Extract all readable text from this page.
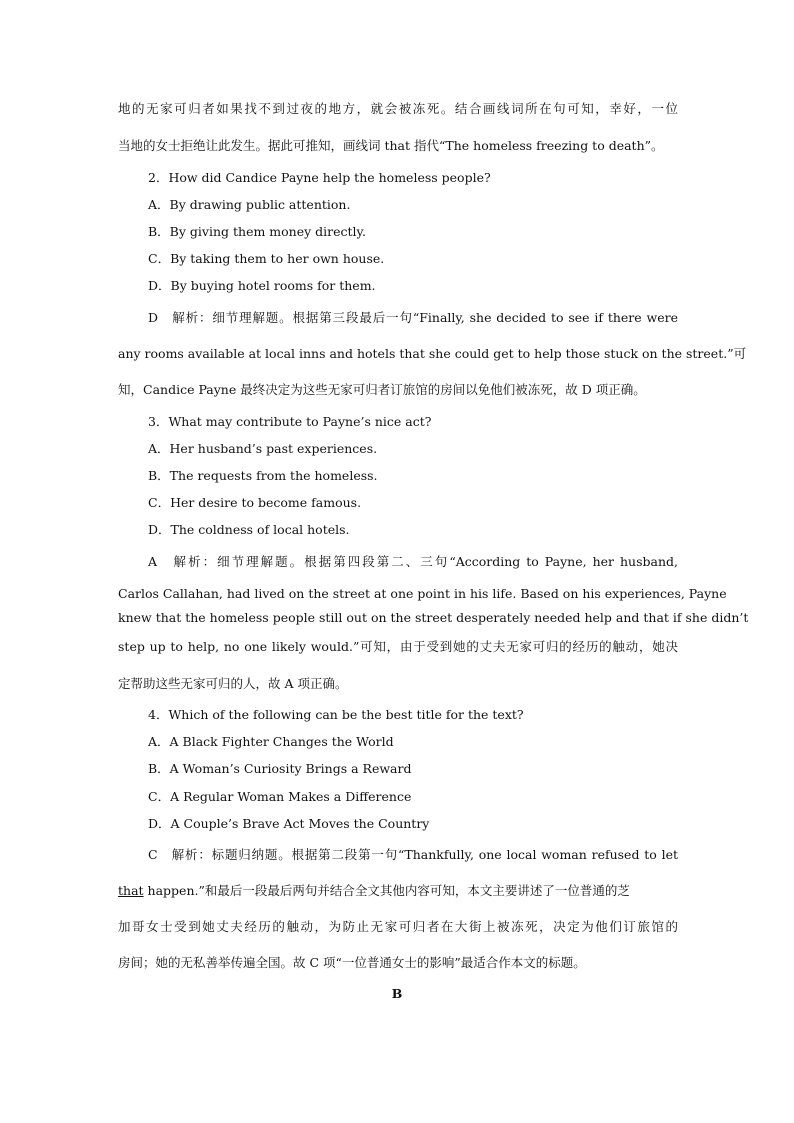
地的无家可归者如果找不到过夜的地方，就会被冻死。结合画线词所在句可知，幸好，一位
当地的女士拒绝让此发生。据此可推知，画线词 that 指代“The homeless freezing to death”。
2．How did Candice Payne help the homeless people?
A．By drawing public attention.
B．By giving them money directly.
C．By taking them to her own house.
D．By buying hotel rooms for them.
D　解析：细节理解题。根据第三段最后一句“Finally, she decided to see if there were
any rooms available at local inns and hotels that she could get to help those stuck on the street.”可
知，Candice Payne 最终决定为这些无家可归者订旅馆的房间以免他们被冻死，故 D 项正确。
3．What may contribute to Payne’s nice act?
A．Her husband’s past experiences.
B．The requests from the homeless.
C．Her desire to become famous.
D．The coldness of local hotels.
A　解析：细节理解题。根据第四段第二、三句“According to Payne, her husband,
Carlos Callahan, had lived on the street at one point in his life. Based on his experiences, Payne
knew that the homeless people still out on the street desperately needed help and that if she didn’t
step up to help, no one likely would.”可知，由于受到她的丈夫无家可归的经历的触动，她决
定帮助这些无家可归的人，故 A 项正确。
4．Which of the following can be the best title for the text?
A．A Black Fighter Changes the World
B．A Woman’s Curiosity Brings a Reward
C．A Regular Woman Makes a Difference
D．A Couple’s Brave Act Moves the Country
C　解析：标题归纳题。根据第二段第一句“Thankfully, one local woman refused to let
that happen.”和最后一段最后两句并结合全文其他内容可知，本文主要讲述了一位普通的芝
加哥女士受到她丈夫经历的触动，为防止无家可归者在大街上被冻死，决定为他们订旅馆的
房间；她的无私善举传遍全国。故 C 项“一位普通女士的影响”最适合作本文的标题。
B
